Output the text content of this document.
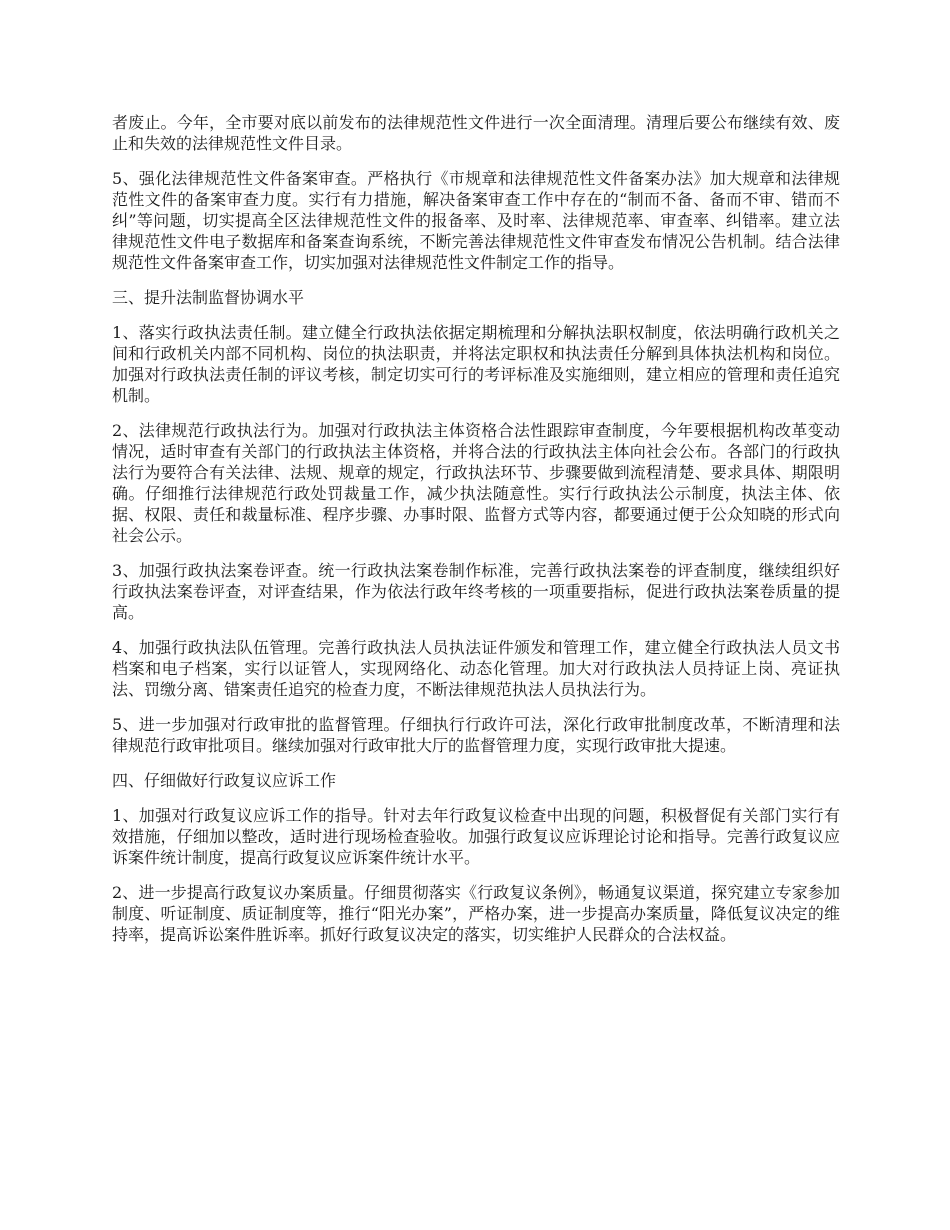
者废止。今年，全市要对底以前发布的法律规范性文件进行一次全面清理。清理后要公布继续有效、废止和失效的法律规范性文件目录。

5、强化法律规范性文件备案审查。严格执行《市规章和法律规范性文件备案办法》加大规章和法律规范性文件的备案审查力度。实行有力措施，解决备案审查工作中存在的“制而不备、备而不审、错而不纠”等问题，切实提高全区法律规范性文件的报备率、及时率、法律规范率、审查率、纠错率。建立法律规范性文件电子数据库和备案查询系统，不断完善法律规范性文件审查发布情况公告机制。结合法律规范性文件备案审查工作，切实加强对法律规范性文件制定工作的指导。

三、提升法制监督协调水平

1、落实行政执法责任制。建立健全行政执法依据定期梳理和分解执法职权制度，依法明确行政机关之间和行政机关内部不同机构、岗位的执法职责，并将法定职权和执法责任分解到具体执法机构和岗位。加强对行政执法责任制的评议考核，制定切实可行的考评标准及实施细则，建立相应的管理和责任追究机制。

2、法律规范行政执法行为。加强对行政执法主体资格合法性跟踪审查制度，今年要根据机构改革变动情况，适时审查有关部门的行政执法主体资格，并将合法的行政执法主体向社会公布。各部门的行政执法行为要符合有关法律、法规、规章的规定，行政执法环节、步骤要做到流程清楚、要求具体、期限明确。仔细推行法律规范行政处罚裁量工作，减少执法随意性。实行行政执法公示制度，执法主体、依据、权限、责任和裁量标准、程序步骤、办事时限、监督方式等内容，都要通过便于公众知晓的形式向社会公示。

3、加强行政执法案卷评查。统一行政执法案卷制作标准，完善行政执法案卷的评查制度，继续组织好行政执法案卷评查，对评查结果，作为依法行政年终考核的一项重要指标，促进行政执法案卷质量的提高。

4、加强行政执法队伍管理。完善行政执法人员执法证件颁发和管理工作，建立健全行政执法人员文书档案和电子档案，实行以证管人，实现网络化、动态化管理。加大对行政执法人员持证上岗、亮证执法、罚缴分离、错案责任追究的检查力度，不断法律规范执法人员执法行为。

5、进一步加强对行政审批的监督管理。仔细执行行政许可法，深化行政审批制度改革，不断清理和法律规范行政审批项目。继续加强对行政审批大厅的监督管理力度，实现行政审批大提速。

四、仔细做好行政复议应诉工作

1、加强对行政复议应诉工作的指导。针对去年行政复议检查中出现的问题，积极督促有关部门实行有效措施，仔细加以整改，适时进行现场检查验收。加强行政复议应诉理论讨论和指导。完善行政复议应诉案件统计制度，提高行政复议应诉案件统计水平。

2、进一步提高行政复议办案质量。仔细贯彻落实《行政复议条例》，畅通复议渠道，探究建立专家参加制度、听证制度、质证制度等，推行“阳光办案”，严格办案，进一步提高办案质量，降低复议决定的维持率，提高诉讼案件胜诉率。抓好行政复议决定的落实，切实维护人民群众的合法权益。
